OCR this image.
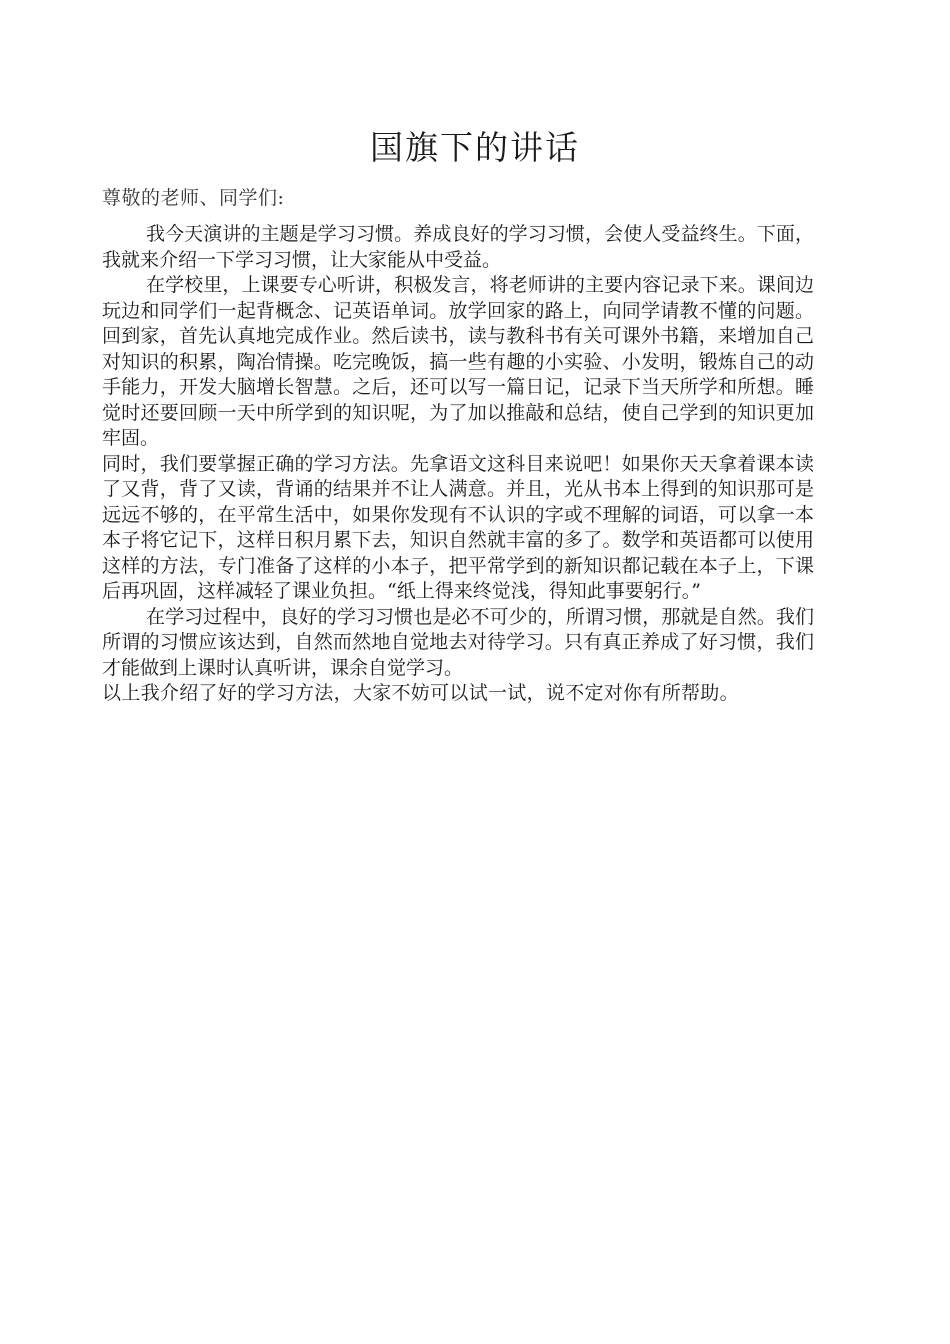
国旗下的讲话
尊敬的老师、同学们:

我今天演讲的主题是学习习惯。养成良好的学习习惯，会使人受益终生。下面，我就来介绍一下学习习惯，让大家能从中受益。

在学校里，上课要专心听讲，积极发言，将老师讲的主要内容记录下来。课间边玩边和同学们一起背概念、记英语单词。放学回家的路上，向同学请教不懂的问题。回到家，首先认真地完成作业。然后读书，读与教科书有关可课外书籍，来增加自己对知识的积累，陶冶情操。吃完晚饭，搞一些有趣的小实验、小发明，锻炼自己的动手能力，开发大脑增长智慧。之后，还可以写一篇日记，记录下当天所学和所想。睡觉时还要回顾一天中所学到的知识呢，为了加以推敲和总结，使自己学到的知识更加牢固。

同时，我们要掌握正确的学习方法。先拿语文这科目来说吧！如果你天天拿着课本读了又背，背了又读，背诵的结果并不让人满意。并且，光从书本上得到的知识那可是远远不够的，在平常生活中，如果你发现有不认识的字或不理解的词语，可以拿一本本子将它记下，这样日积月累下去，知识自然就丰富的多了。数学和英语都可以使用这样的方法，专门准备了这样的小本子，把平常学到的新知识都记载在本子上，下课后再巩固，这样减轻了课业负担。“纸上得来终觉浅，得知此事要躬行。”

在学习过程中，良好的学习习惯也是必不可少的，所谓习惯，那就是自然。我们所谓的习惯应该达到，自然而然地自觉地去对待学习。只有真正养成了好习惯，我们才能做到上课时认真听讲，课余自觉学习。

以上我介绍了好的学习方法，大家不妨可以试一试，说不定对你有所帮助。
